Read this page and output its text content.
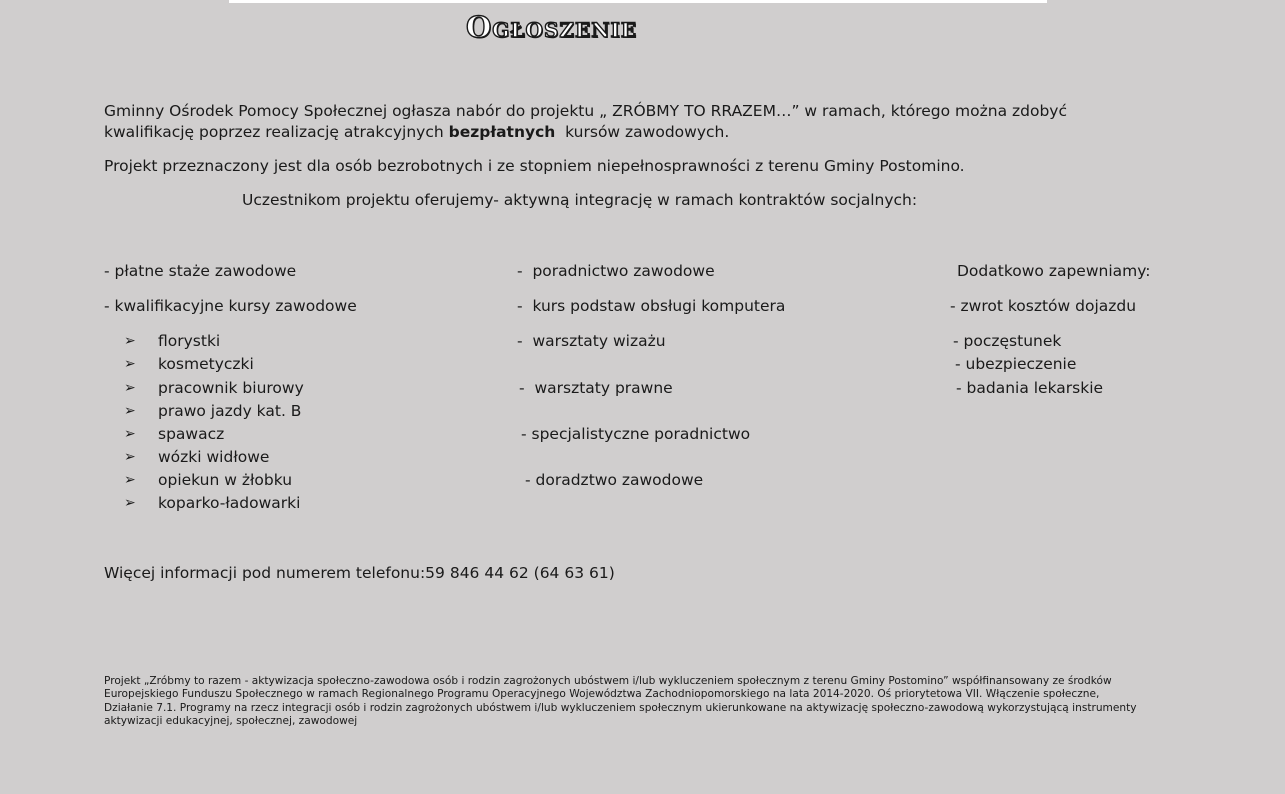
Ogłoszenie
Gminny Ośrodek Pomocy Społecznej ogłasza nabór do projektu „ ZRÓBMY TO RRAZEM…” w ramach, którego można zdobyć
kwalifikację poprzez realizację atrakcyjnych bezpłatnych  kursów zawodowych.
Projekt przeznaczony jest dla osób bezrobotnych i ze stopniem niepełnosprawności z terenu Gminy Postomino.
Uczestnikom projektu oferujemy- aktywną integrację w ramach kontraktów socjalnych:
- płatne staże zawodowe
- kwalifikacyjne kursy zawodowe
➢ florystki
➢ kosmetyczki
➢ pracownik biurowy
➢ prawo jazdy kat. B
➢ spawacz
➢ wózki widłowe
➢ opiekun w żłobku
➢ koparko-ładowarki
-  poradnictwo zawodowe
-  kurs podstaw obsługi komputera
-  warsztaty wizażu
-  warsztaty prawne
- specjalistyczne poradnictwo
- doradztwo zawodowe
Dodatkowo zapewniamy:
- zwrot kosztów dojazdu
- poczęstunek
- ubezpieczenie
- badania lekarskie
Więcej informacji pod numerem telefonu:59 846 44 62 (64 63 61)
Projekt „Zróbmy to razem - aktywizacja społeczno-zawodowa osób i rodzin zagrożonych ubóstwem i/lub wykluczeniem społecznym z terenu Gminy Postomino” współfinansowany ze środków
Europejskiego Funduszu Społecznego w ramach Regionalnego Programu Operacyjnego Województwa Zachodniopomorskiego na lata 2014-2020. Oś priorytetowa VII. Włączenie społeczne,
Działanie 7.1. Programy na rzecz integracji osób i rodzin zagrożonych ubóstwem i/lub wykluczeniem społecznym ukierunkowane na aktywizację społeczno-zawodową wykorzystującą instrumenty
aktywizacji edukacyjnej, społecznej, zawodowej
